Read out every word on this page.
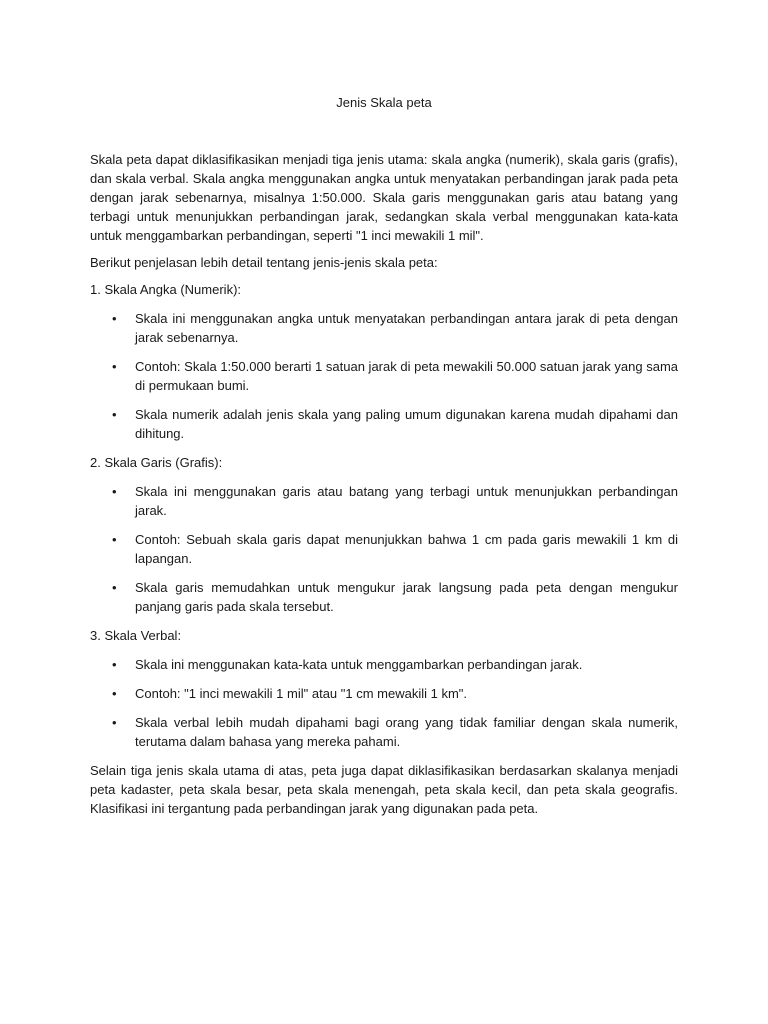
Jenis Skala peta

Skala peta dapat diklasifikasikan menjadi tiga jenis utama: skala angka (numerik), skala garis (grafis), dan skala verbal. Skala angka menggunakan angka untuk menyatakan perbandingan jarak pada peta dengan jarak sebenarnya, misalnya 1:50.000. Skala garis menggunakan garis atau batang yang terbagi untuk menunjukkan perbandingan jarak, sedangkan skala verbal menggunakan kata-kata untuk menggambarkan perbandingan, seperti "1 inci mewakili 1 mil".

Berikut penjelasan lebih detail tentang jenis-jenis skala peta:

1. Skala Angka (Numerik):

• Skala ini menggunakan angka untuk menyatakan perbandingan antara jarak di peta dengan jarak sebenarnya.
• Contoh: Skala 1:50.000 berarti 1 satuan jarak di peta mewakili 50.000 satuan jarak yang sama di permukaan bumi.
• Skala numerik adalah jenis skala yang paling umum digunakan karena mudah dipahami dan dihitung.

2. Skala Garis (Grafis):

• Skala ini menggunakan garis atau batang yang terbagi untuk menunjukkan perbandingan jarak.
• Contoh: Sebuah skala garis dapat menunjukkan bahwa 1 cm pada garis mewakili 1 km di lapangan.
• Skala garis memudahkan untuk mengukur jarak langsung pada peta dengan mengukur panjang garis pada skala tersebut.

3. Skala Verbal:

• Skala ini menggunakan kata-kata untuk menggambarkan perbandingan jarak.
• Contoh: "1 inci mewakili 1 mil" atau "1 cm mewakili 1 km".
• Skala verbal lebih mudah dipahami bagi orang yang tidak familiar dengan skala numerik, terutama dalam bahasa yang mereka pahami.

Selain tiga jenis skala utama di atas, peta juga dapat diklasifikasikan berdasarkan skalanya menjadi peta kadaster, peta skala besar, peta skala menengah, peta skala kecil, dan peta skala geografis. Klasifikasi ini tergantung pada perbandingan jarak yang digunakan pada peta.
